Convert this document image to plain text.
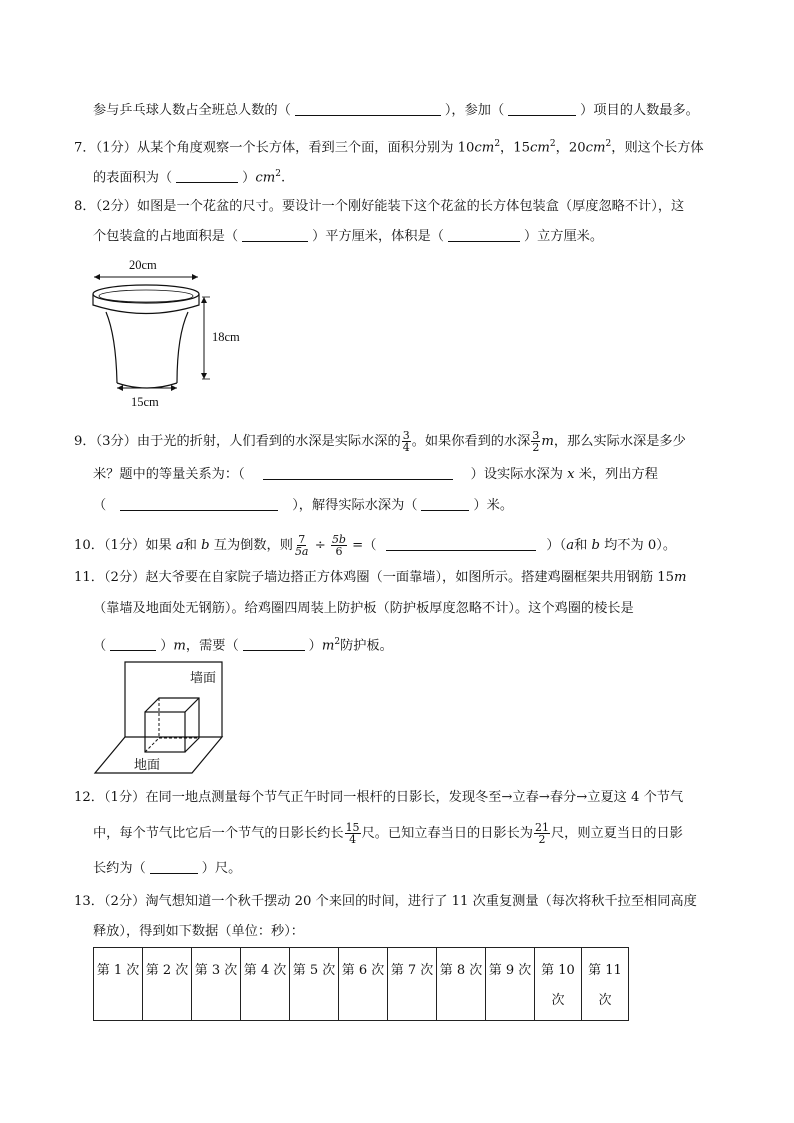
参与乒乓球人数占全班总人数的（	），参加（	）项目的人数最多。
7．（1分）从某个角度观察一个长方体，看到三个面，面积分别为 $10cm^2$，$15cm^2$，$20cm^2$，则这个长方体
的表面积为（	）$cm^2$.
8．（2分）如图是一个花盆的尺寸。要设计一个刚好能装下这个花盆的长方体包装盒（厚度忽略不计），这
个包装盒的占地面积是（	）平方厘米，体积是（	）立方厘米。
20cm
18cm
15cm
9．（3分）由于光的折射，人们看到的水深是实际水深的 $\frac{3}{4}$ 。如果你看到的水深 $\frac{3}{2}$ m，那么实际水深是多少
米？题中的等量关系为：（	）设实际水深为 x 米，列出方程
（	），解得实际水深为（	）米。
10．（1分）如果 a和 b 互为倒数，则 $\frac{7}{5a} \div \frac{5b}{6}$ =（	）（a和 b 均不为 0）。
11．（2分）赵大爷要在自家院子墙边搭正方体鸡圈（一面靠墙），如图所示。搭建鸡圈框架共用钢筋 15m
（靠墙及地面处无钢筋）。给鸡圈四周装上防护板（防护板厚度忽略不计）。这个鸡圈的棱长是
（	）m，需要（	）$m^2$防护板。
墙面
地面
12．（1分）在同一地点测量每个节气正午时同一根杆的日影长，发现冬至→立春→春分→立夏这 4 个节气
中，每个节气比它后一个节气的日影长约长 $\frac{15}{4}$ 尺。已知立春当日的日影长为 $\frac{21}{2}$ 尺，则立夏当日的日影
长约为（	）尺。
13．（2分）淘气想知道一个秋千摆动 20 个来回的时间，进行了 11 次重复测量（每次将秋千拉至相同高度
释放），得到如下数据（单位：秒）：
第 1 次	第 2 次	第 3 次	第 4 次	第 5 次	第 6 次	第 7 次	第 8 次	第 9 次	第 10 次	第 11 次
